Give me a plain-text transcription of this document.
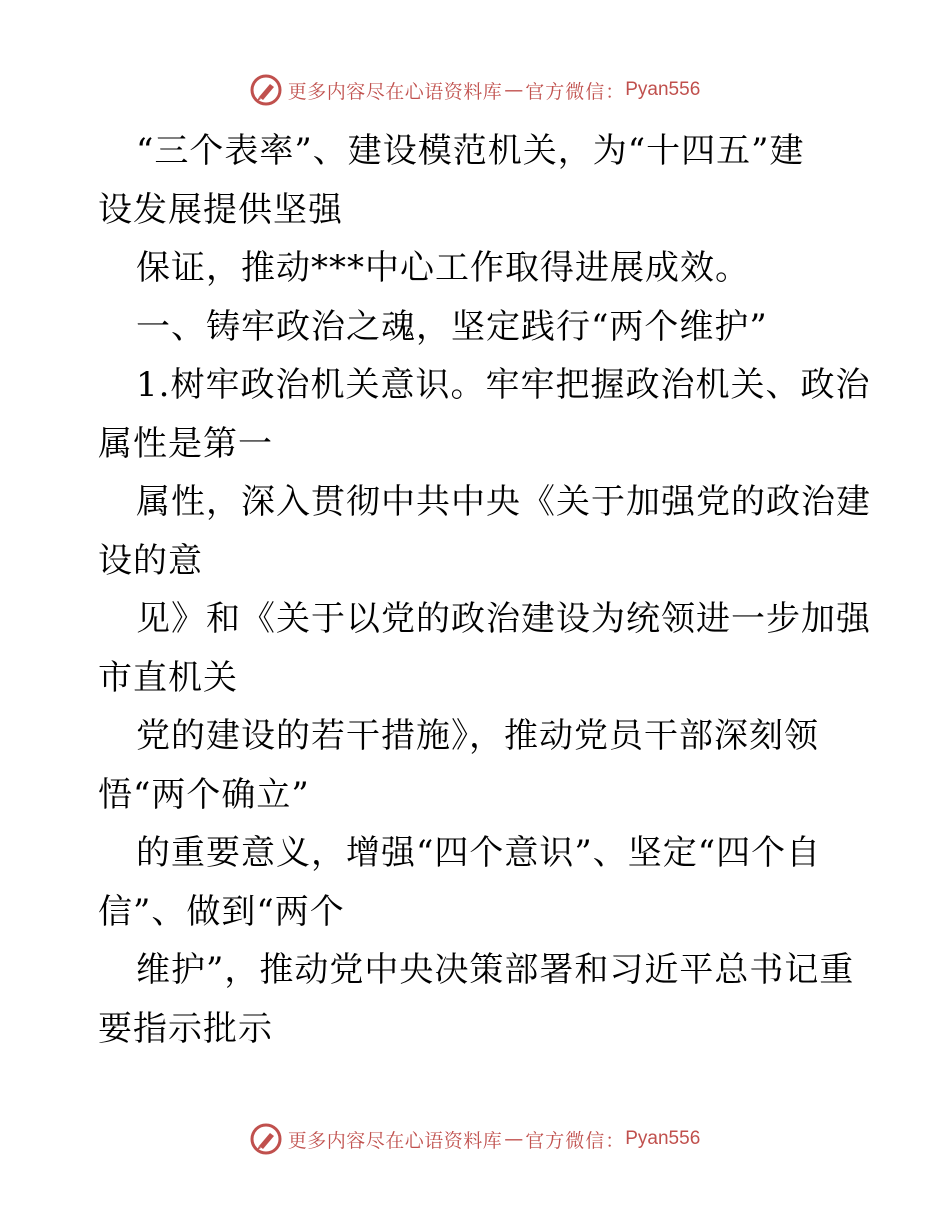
更多内容尽在心语资料库 — 官方微信： Pyan556
“三个表率”、建设模范机关，为“十四五”建
设发展提供坚强
保证，推动***中心工作取得进展成效。
一、铸牢政治之魂，坚定践行“两个维护”
1.树牢政治机关意识。牢牢把握政治机关、政治
属性是第一
属性，深入贯彻中共中央《关于加强党的政治建
设的意
见》和《关于以党的政治建设为统领进一步加强
市直机关
党的建设的若干措施》，推动党员干部深刻领
悟“两个确立”
的重要意义，增强“四个意识”、坚定“四个自
信”、做到“两个
维护”，推动党中央决策部署和习近平总书记重
要指示批示
更多内容尽在心语资料库 — 官方微信： Pyan556
